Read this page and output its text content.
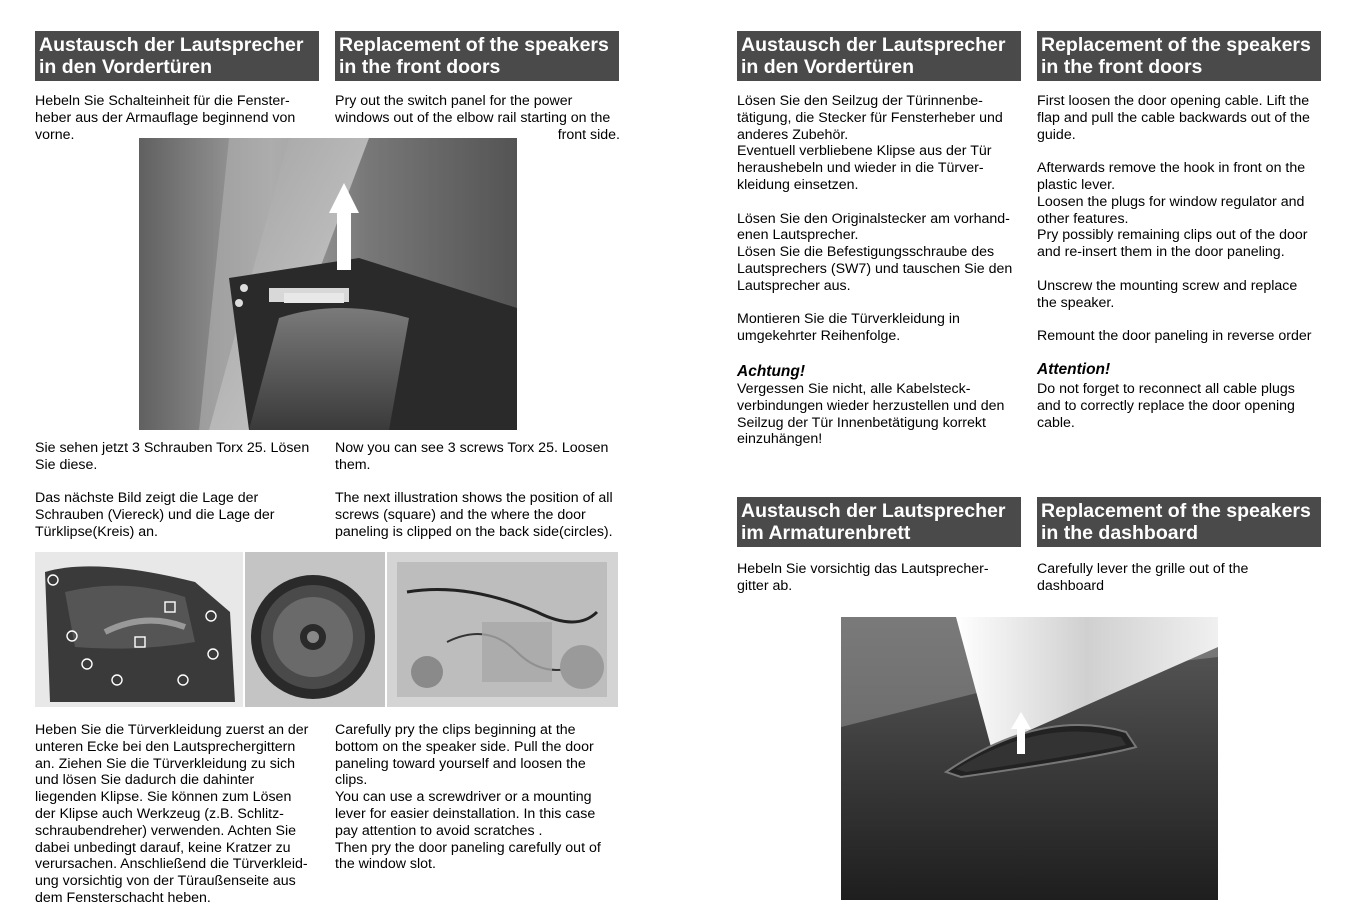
Austausch der Lautsprecher
in den Vordertüren
Replacement of the speakers
in the front doors
Hebeln Sie Schalteinheit für die Fenster-
heber aus der Armauflage beginnend von
vorne.
Pry out the switch panel for the power
windows out of the elbow rail starting on the
front side.
Sie sehen jetzt 3 Schrauben Torx 25. Lösen
Sie diese.
Now you can see 3 screws Torx 25. Loosen
them.
Das nächste Bild zeigt die Lage der
Schrauben (Viereck) und die Lage der
Türklipse(Kreis) an.
The next illustration shows the position of all
screws (square) and the where the door
paneling is clipped on the back side(circles).
Heben Sie die Türverkleidung zuerst an der
unteren Ecke bei den Lautsprechergittern
an. Ziehen Sie die Türverkleidung zu sich
und lösen Sie dadurch die dahinter
liegenden Klipse. Sie können zum Lösen
der Klipse auch Werkzeug (z.B. Schlitz-
schraubendreher) verwenden. Achten Sie
dabei unbedingt darauf, keine Kratzer zu
verursachen. Anschließend die Türverkleid-
ung vorsichtig von der Türaußenseite aus
dem Fensterschacht heben.
Carefully pry the clips beginning at the
bottom on the speaker side. Pull the door
paneling toward yourself and loosen the
clips.
You can use a screwdriver or a mounting
lever for easier deinstallation. In this case
pay attention to avoid scratches .
Then pry the door paneling carefully out of
the window slot.
Austausch der Lautsprecher
in den Vordertüren
Replacement of the speakers
in the front doors
Lösen Sie den Seilzug der Türinnenbe-
tätigung, die Stecker für Fensterheber und
anderes Zubehör.
Eventuell verbliebene Klipse aus der Tür
heraushebeln und wieder in die Türver-
kleidung einsetzen.

Lösen Sie den Originalstecker am vorhand-
enen Lautsprecher.
Lösen Sie die Befestigungsschraube des
Lautsprechers (SW7) und tauschen Sie den
Lautsprecher aus.

Montieren Sie die Türverkleidung in
umgekehrter Reihenfolge.
First loosen the door opening cable. Lift the
flap and pull the cable backwards out of the
guide.

Afterwards remove the hook in front on the
plastic lever.
Loosen the plugs for window regulator and
other features.
Pry possibly remaining clips out of the door
and re-insert them in the door paneling.

Unscrew the mounting screw and replace
the speaker.

Remount the door paneling in reverse order
Achtung!	Attention!
Vergessen Sie nicht, alle Kabelsteck-
verbindungen wieder herzustellen und den
Seilzug der Tür Innenbetätigung korrekt
einzuhängen!
Do not forget to reconnect all cable plugs
and to correctly replace the door opening
cable.
Austausch der Lautsprecher
im Armaturenbrett
Replacement of the speakers
in the dashboard
Hebeln Sie vorsichtig das Lautsprecher-
gitter ab.
Carefully lever the grille out of the
dashboard
